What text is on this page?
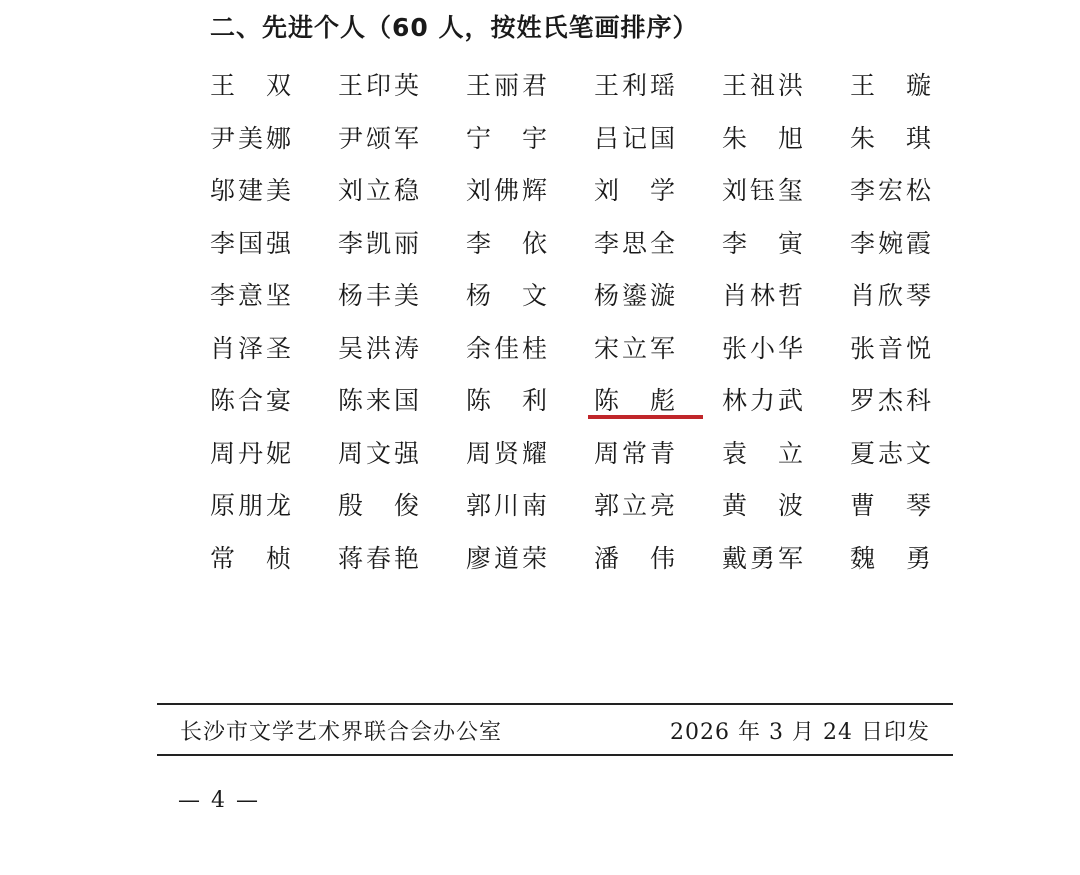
二、先进个人（60 人，按姓氏笔画排序）
王　双	王印英	王丽君	王利瑶	王祖洪	王　璇
尹美娜	尹颂军	宁　宇	吕记国	朱　旭	朱　琪
邬建美	刘立稳	刘佛辉	刘　学	刘钰玺	李宏松
李国强	李凯丽	李　依	李思全	李　寅	李婉霞
李意坚	杨丰美	杨　文	杨鎏漩	肖林哲	肖欣琴
肖泽圣	吴洪涛	余佳桂	宋立军	张小华	张音悦
陈合宴	陈来国	陈　利	陈　彪	林力武	罗杰科
周丹妮	周文强	周贤耀	周常青	袁　立	夏志文
原朋龙	殷　俊	郭川南	郭立亮	黄　波	曹　琴
常　桢	蒋春艳	廖道荣	潘　伟	戴勇军	魏　勇
长沙市文学艺术界联合会办公室	2026 年 3 月 24 日印发
— 4 —
